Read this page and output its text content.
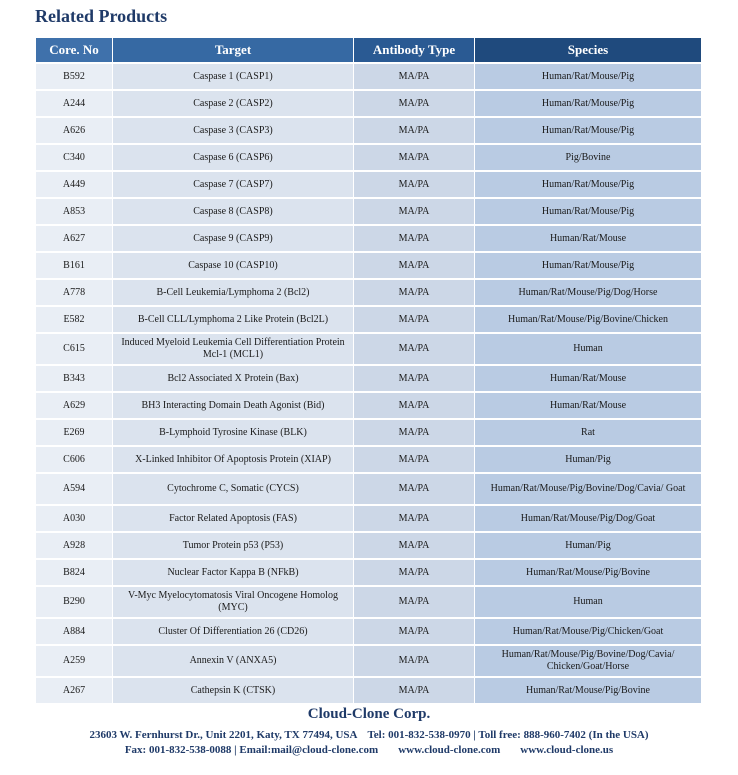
Related Products
Core. No	Target	Antibody Type	Species
B592	Caspase 1 (CASP1)	MA/PA	Human/Rat/Mouse/Pig
A244	Caspase 2 (CASP2)	MA/PA	Human/Rat/Mouse/Pig
A626	Caspase 3 (CASP3)	MA/PA	Human/Rat/Mouse/Pig
C340	Caspase 6 (CASP6)	MA/PA	Pig/Bovine
A449	Caspase 7 (CASP7)	MA/PA	Human/Rat/Mouse/Pig
A853	Caspase 8 (CASP8)	MA/PA	Human/Rat/Mouse/Pig
A627	Caspase 9 (CASP9)	MA/PA	Human/Rat/Mouse
B161	Caspase 10 (CASP10)	MA/PA	Human/Rat/Mouse/Pig
A778	B-Cell Leukemia/Lymphoma 2 (Bcl2)	MA/PA	Human/Rat/Mouse/Pig/Dog/Horse
E582	B-Cell CLL/Lymphoma 2 Like Protein (Bcl2L)	MA/PA	Human/Rat/Mouse/Pig/Bovine/Chicken
C615	Induced Myeloid Leukemia Cell Differentiation Protein Mcl-1 (MCL1)	MA/PA	Human
B343	Bcl2 Associated X Protein (Bax)	MA/PA	Human/Rat/Mouse
A629	BH3 Interacting Domain Death Agonist (Bid)	MA/PA	Human/Rat/Mouse
E269	B-Lymphoid Tyrosine Kinase (BLK)	MA/PA	Rat
C606	X-Linked Inhibitor Of Apoptosis Protein (XIAP)	MA/PA	Human/Pig
A594	Cytochrome C, Somatic (CYCS)	MA/PA	Human/Rat/Mouse/Pig/Bovine/Dog/Cavia/ Goat
A030	Factor Related Apoptosis (FAS)	MA/PA	Human/Rat/Mouse/Pig/Dog/Goat
A928	Tumor Protein p53 (P53)	MA/PA	Human/Pig
B824	Nuclear Factor Kappa B (NFkB)	MA/PA	Human/Rat/Mouse/Pig/Bovine
B290	V-Myc Myelocytomatosis Viral Oncogene Homolog (MYC)	MA/PA	Human
A884	Cluster Of Differentiation 26 (CD26)	MA/PA	Human/Rat/Mouse/Pig/Chicken/Goat
A259	Annexin V (ANXA5)	MA/PA	Human/Rat/Mouse/Pig/Bovine/Dog/Cavia/ Chicken/Goat/Horse
A267	Cathepsin K (CTSK)	MA/PA	Human/Rat/Mouse/Pig/Bovine
Cloud-Clone Corp.
23603 W. Fernhurst Dr., Unit 2201, Katy, TX 77494, USA Tel: 001-832-538-0970 | Toll free: 888-960-7402 (In the USA)
Fax: 001-832-538-0088 | Email:mail@cloud-clone.com www.cloud-clone.com www.cloud-clone.us
